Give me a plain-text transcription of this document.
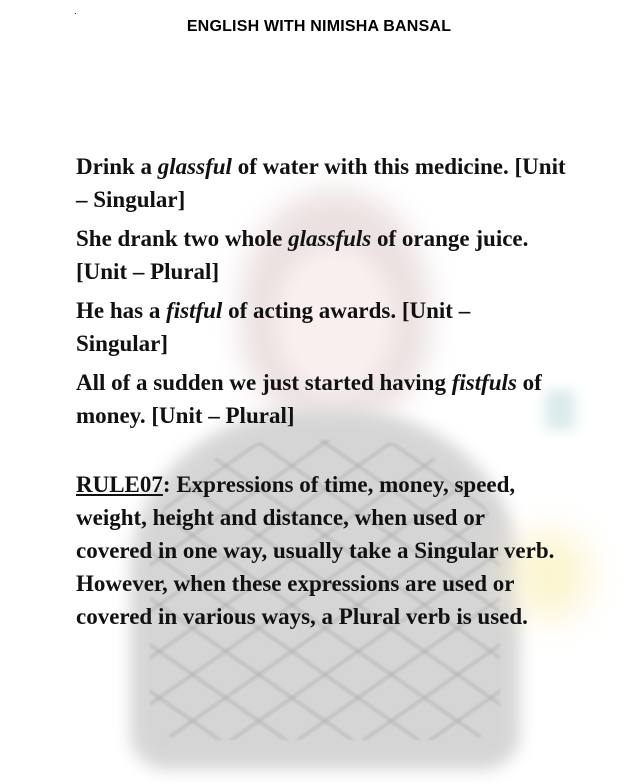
.
ENGLISH WITH NIMISHA BANSAL

Drink a glassful of water with this medicine. [Unit – Singular]

She drank two whole glassfuls of orange juice. [Unit – Plural]

He has a fistful of acting awards. [Unit – Singular]

All of a sudden we just started having fistfuls of money. [Unit – Plural]

RULE07: Expressions of time, money, speed, weight, height and distance, when used or covered in one way, usually take a Singular verb. However, when these expressions are used or covered in various ways, a Plural verb is used.
